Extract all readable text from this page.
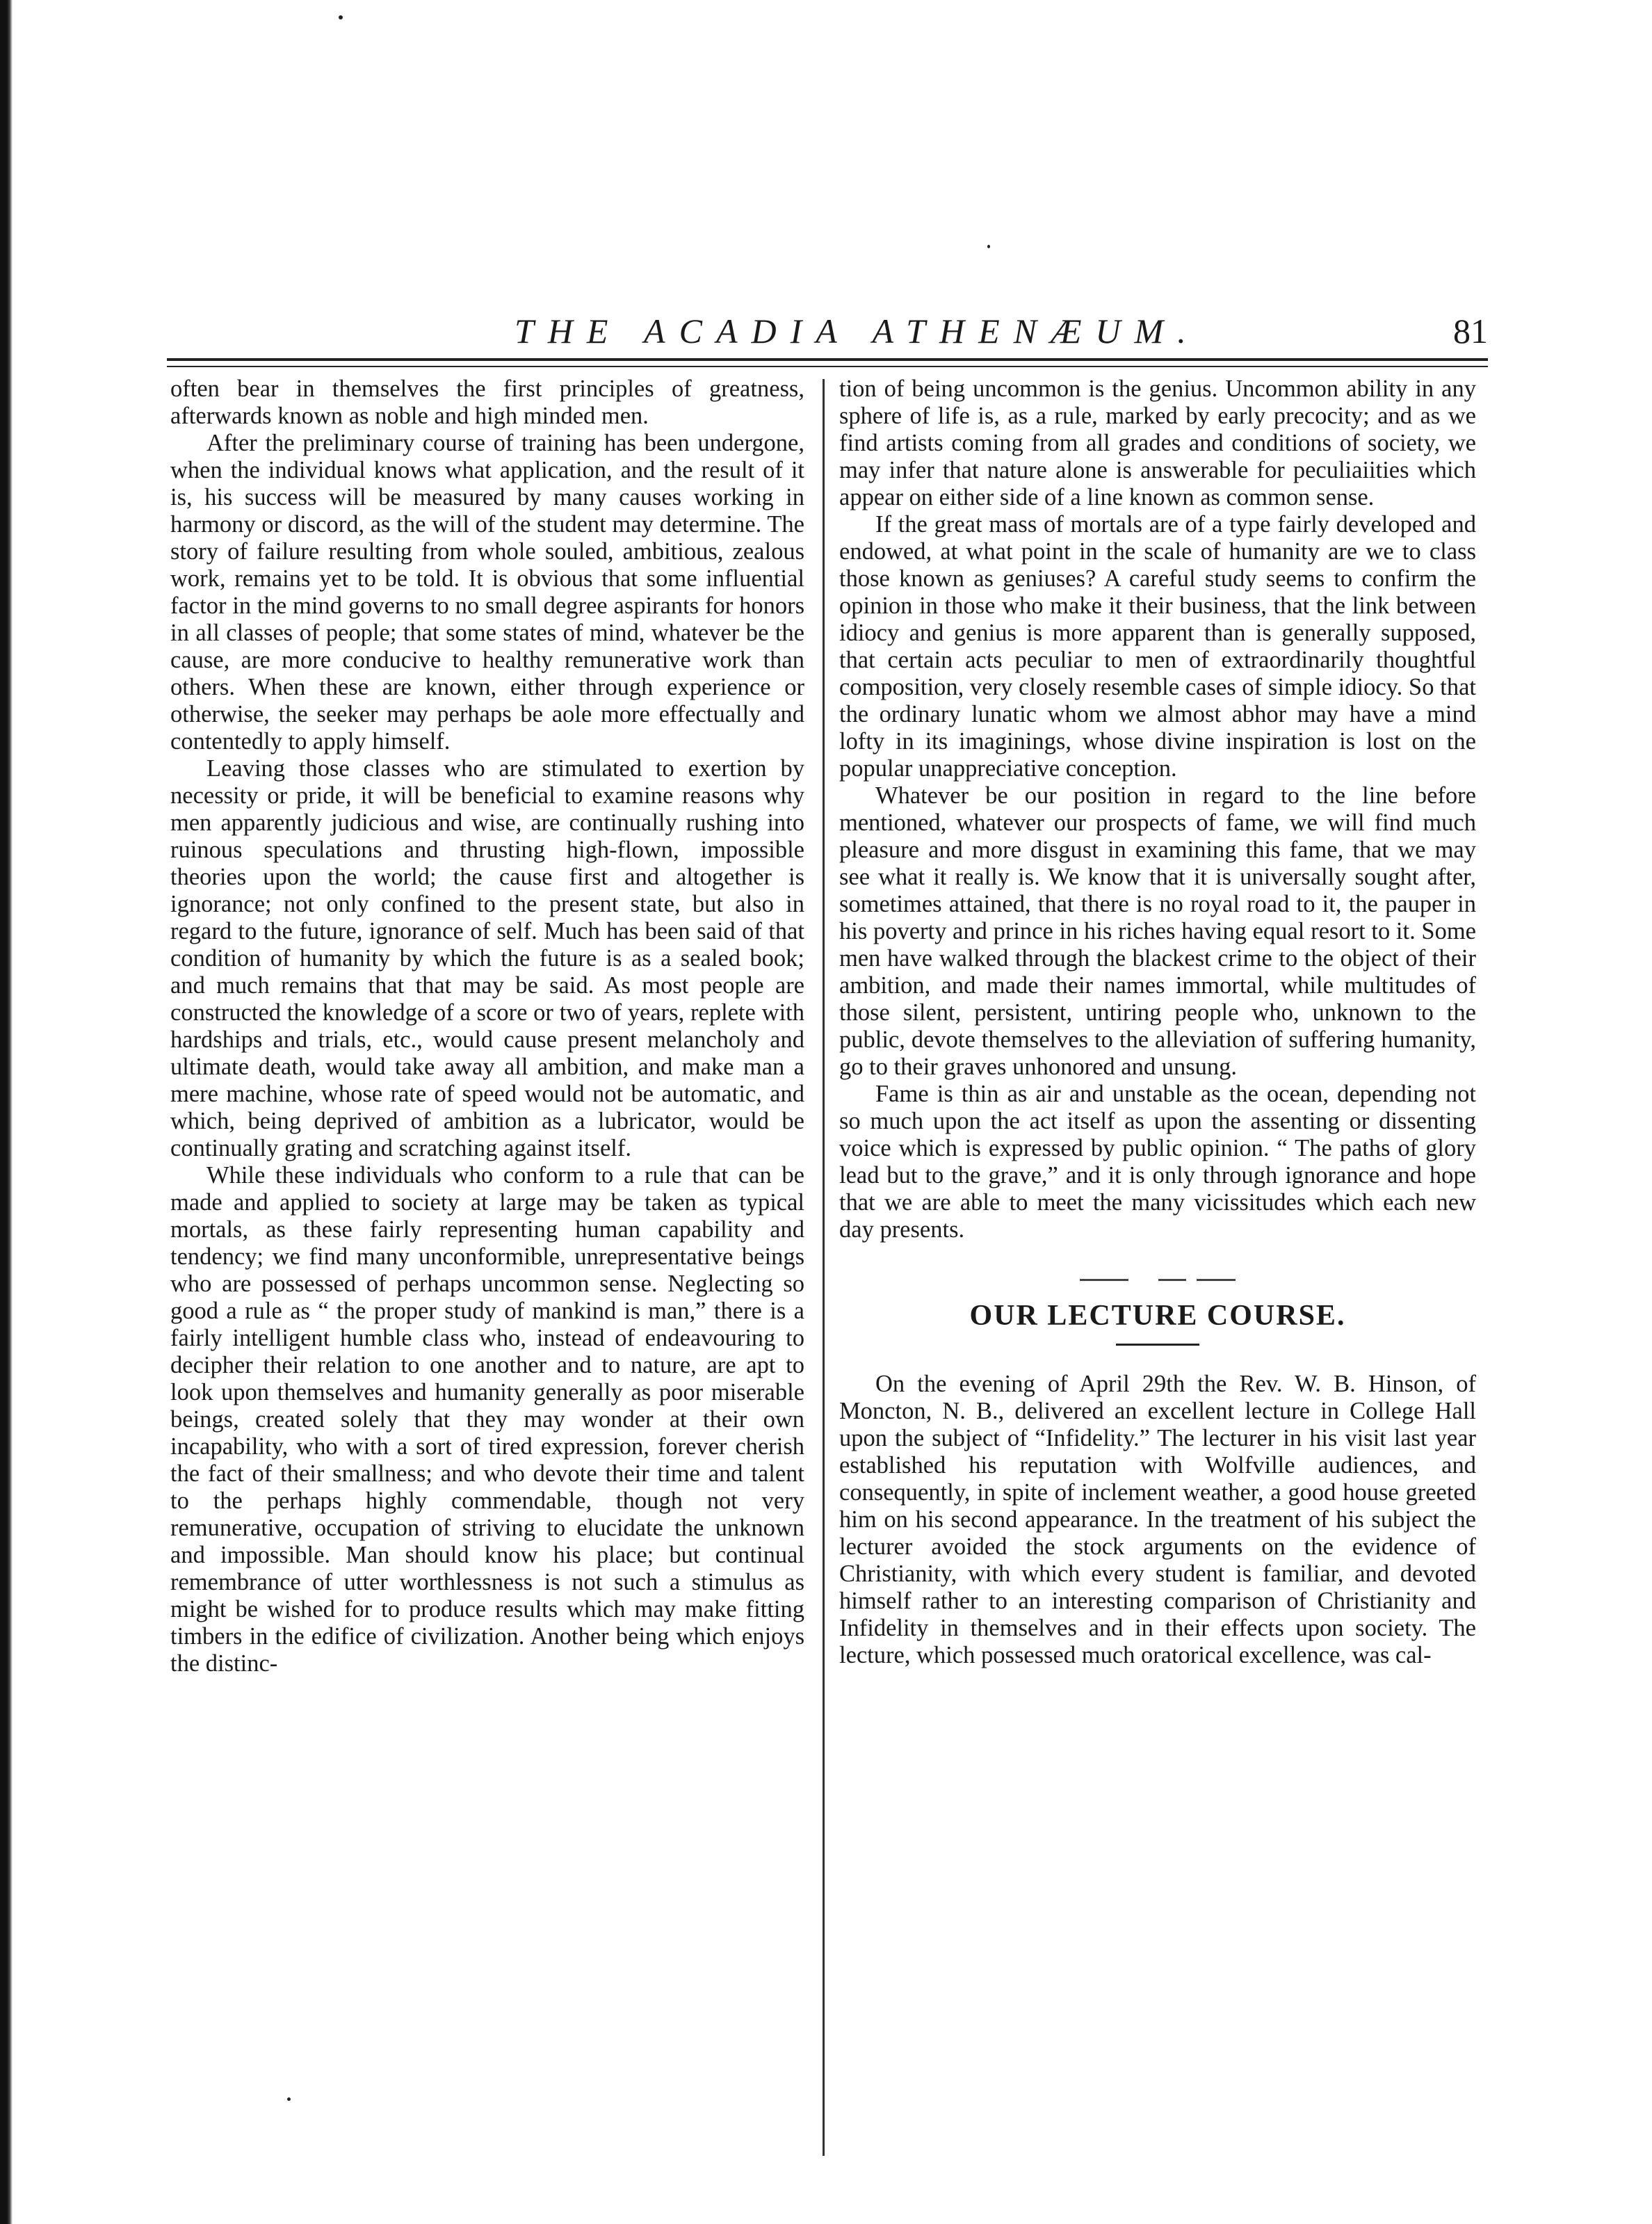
THE ACADIA ATHENÆUM.	81

often bear in themselves the first principles of greatness, afterwards known as noble and high minded men.

After the preliminary course of training has been undergone, when the individual knows what application, and the result of it is, his success will be measured by many causes working in harmony or discord, as the will of the student may determine. The story of failure resulting from whole souled, ambitious, zealous work, remains yet to be told. It is obvious that some influential factor in the mind governs to no small degree aspirants for honors in all classes of people; that some states of mind, whatever be the cause, are more conducive to healthy remunerative work than others. When these are known, either through experience or otherwise, the seeker may perhaps be aole more effectually and contentedly to apply himself.

Leaving those classes who are stimulated to exertion by necessity or pride, it will be beneficial to examine reasons why men apparently judicious and wise, are continually rushing into ruinous speculations and thrusting high-flown, impossible theories upon the world; the cause first and altogether is ignorance; not only confined to the present state, but also in regard to the future, ignorance of self. Much has been said of that condition of humanity by which the future is as a sealed book; and much remains that that may be said. As most people are constructed the knowledge of a score or two of years, replete with hardships and trials, etc., would cause present melancholy and ultimate death, would take away all ambition, and make man a mere machine, whose rate of speed would not be automatic, and which, being deprived of ambition as a lubricator, would be continually grating and scratching against itself.

While these individuals who conform to a rule that can be made and applied to society at large may be taken as typical mortals, as these fairly representing human capability and tendency; we find many unconformible, unrepresentative beings who are possessed of perhaps uncommon sense. Neglecting so good a rule as “ the proper study of mankind is man,” there is a fairly intelligent humble class who, instead of endeavouring to decipher their relation to one another and to nature, are apt to look upon themselves and humanity generally as poor miserable beings, created solely that they may wonder at their own incapability, who with a sort of tired expression, forever cherish the fact of their smallness; and who devote their time and talent to the perhaps highly commendable, though not very remunerative, occupation of striving to elucidate the unknown and impossible. Man should know his place; but continual remembrance of utter worthlessness is not such a stimulus as might be wished for to produce results which may make fitting timbers in the edifice of civilization. Another being which enjoys the distinc-

tion of being uncommon is the genius. Uncommon ability in any sphere of life is, as a rule, marked by early precocity; and as we find artists coming from all grades and conditions of society, we may infer that nature alone is answerable for peculiaiities which appear on either side of a line known as common sense.

If the great mass of mortals are of a type fairly developed and endowed, at what point in the scale of humanity are we to class those known as geniuses? A careful study seems to confirm the opinion in those who make it their business, that the link between idiocy and genius is more apparent than is generally supposed, that certain acts peculiar to men of extraordinarily thoughtful composition, very closely resemble cases of simple idiocy. So that the ordinary lunatic whom we almost abhor may have a mind lofty in its imaginings, whose divine inspiration is lost on the popular unappreciative conception.

Whatever be our position in regard to the line before mentioned, whatever our prospects of fame, we will find much pleasure and more disgust in examining this fame, that we may see what it really is. We know that it is universally sought after, sometimes attained, that there is no royal road to it, the pauper in his poverty and prince in his riches having equal resort to it. Some men have walked through the blackest crime to the object of their ambition, and made their names immortal, while multitudes of those silent, persistent, untiring people who, unknown to the public, devote themselves to the alleviation of suffering humanity, go to their graves unhonored and unsung.

Fame is thin as air and unstable as the ocean, depending not so much upon the act itself as upon the assenting or dissenting voice which is expressed by public opinion. “ The paths of glory lead but to the grave,” and it is only through ignorance and hope that we are able to meet the many vicissitudes which each new day presents.

OUR LECTURE COURSE.

On the evening of April 29th the Rev. W. B. Hinson, of Moncton, N. B., delivered an excellent lecture in College Hall upon the subject of “Infidelity.” The lecturer in his visit last year established his reputation with Wolfville audiences, and consequently, in spite of inclement weather, a good house greeted him on his second appearance. In the treatment of his subject the lecturer avoided the stock arguments on the evidence of Christianity, with which every student is familiar, and devoted himself rather to an interesting comparison of Christianity and Infidelity in themselves and in their effects upon society. The lecture, which possessed much oratorical excellence, was cal-
